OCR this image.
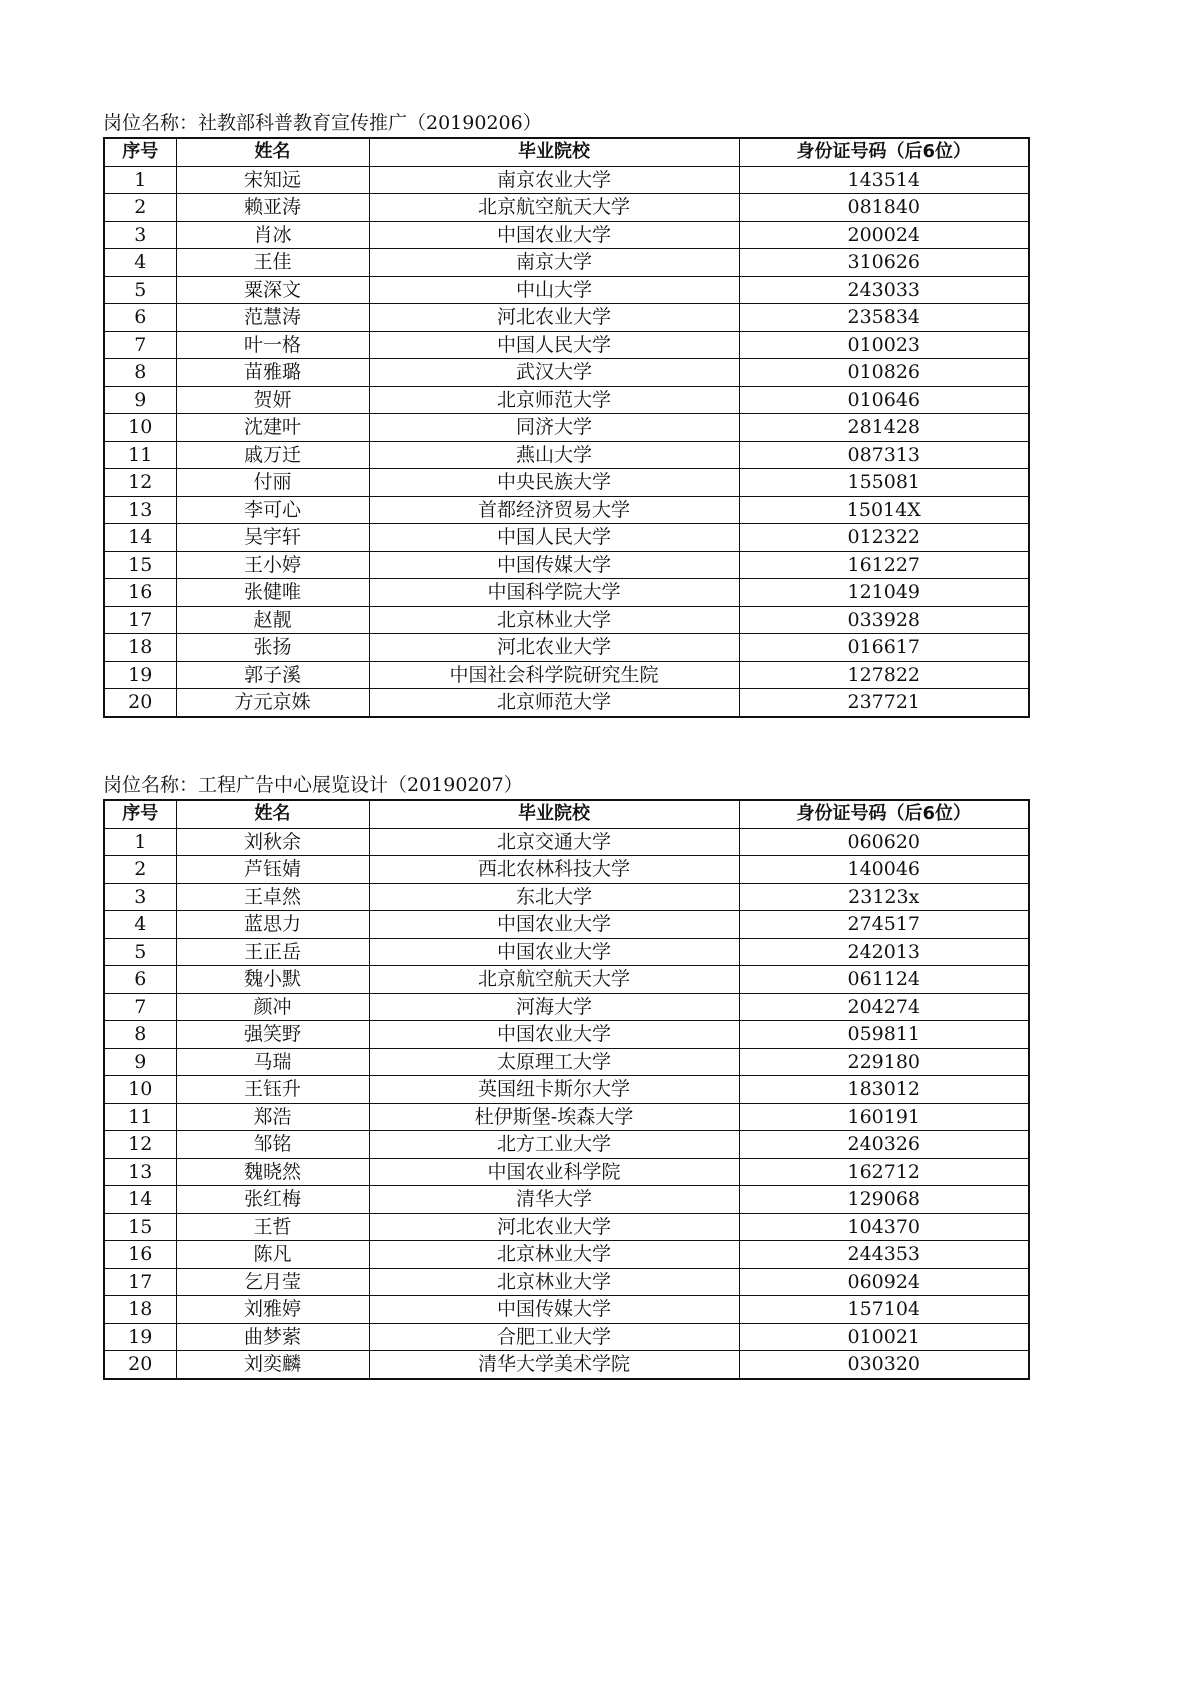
岗位名称：社教部科普教育宣传推广（20190206）
序号	姓名	毕业院校	身份证号码（后6位）
1	宋知远	南京农业大学	143514
2	赖亚涛	北京航空航天大学	081840
3	肖冰	中国农业大学	200024
4	王佳	南京大学	310626
5	粟深文	中山大学	243033
6	范慧涛	河北农业大学	235834
7	叶一格	中国人民大学	010023
8	苗雅璐	武汉大学	010826
9	贺妍	北京师范大学	010646
10	沈建叶	同济大学	281428
11	戚万迁	燕山大学	087313
12	付丽	中央民族大学	155081
13	李可心	首都经济贸易大学	15014X
14	吴宇轩	中国人民大学	012322
15	王小婷	中国传媒大学	161227
16	张健唯	中国科学院大学	121049
17	赵靓	北京林业大学	033928
18	张扬	河北农业大学	016617
19	郭子溪	中国社会科学院研究生院	127822
20	方元京姝	北京师范大学	237721
岗位名称：工程广告中心展览设计（20190207）
序号	姓名	毕业院校	身份证号码（后6位）
1	刘秋余	北京交通大学	060620
2	芦钰婧	西北农林科技大学	140046
3	王卓然	东北大学	23123x
4	蓝思力	中国农业大学	274517
5	王正岳	中国农业大学	242013
6	魏小默	北京航空航天大学	061124
7	颜冲	河海大学	204274
8	强笑野	中国农业大学	059811
9	马瑞	太原理工大学	229180
10	王钰升	英国纽卡斯尔大学	183012
11	郑浩	杜伊斯堡-埃森大学	160191
12	邹铭	北方工业大学	240326
13	魏晓然	中国农业科学院	162712
14	张红梅	清华大学	129068
15	王哲	河北农业大学	104370
16	陈凡	北京林业大学	244353
17	乞月莹	北京林业大学	060924
18	刘雅婷	中国传媒大学	157104
19	曲梦萦	合肥工业大学	010021
20	刘奕麟	清华大学美术学院	030320
